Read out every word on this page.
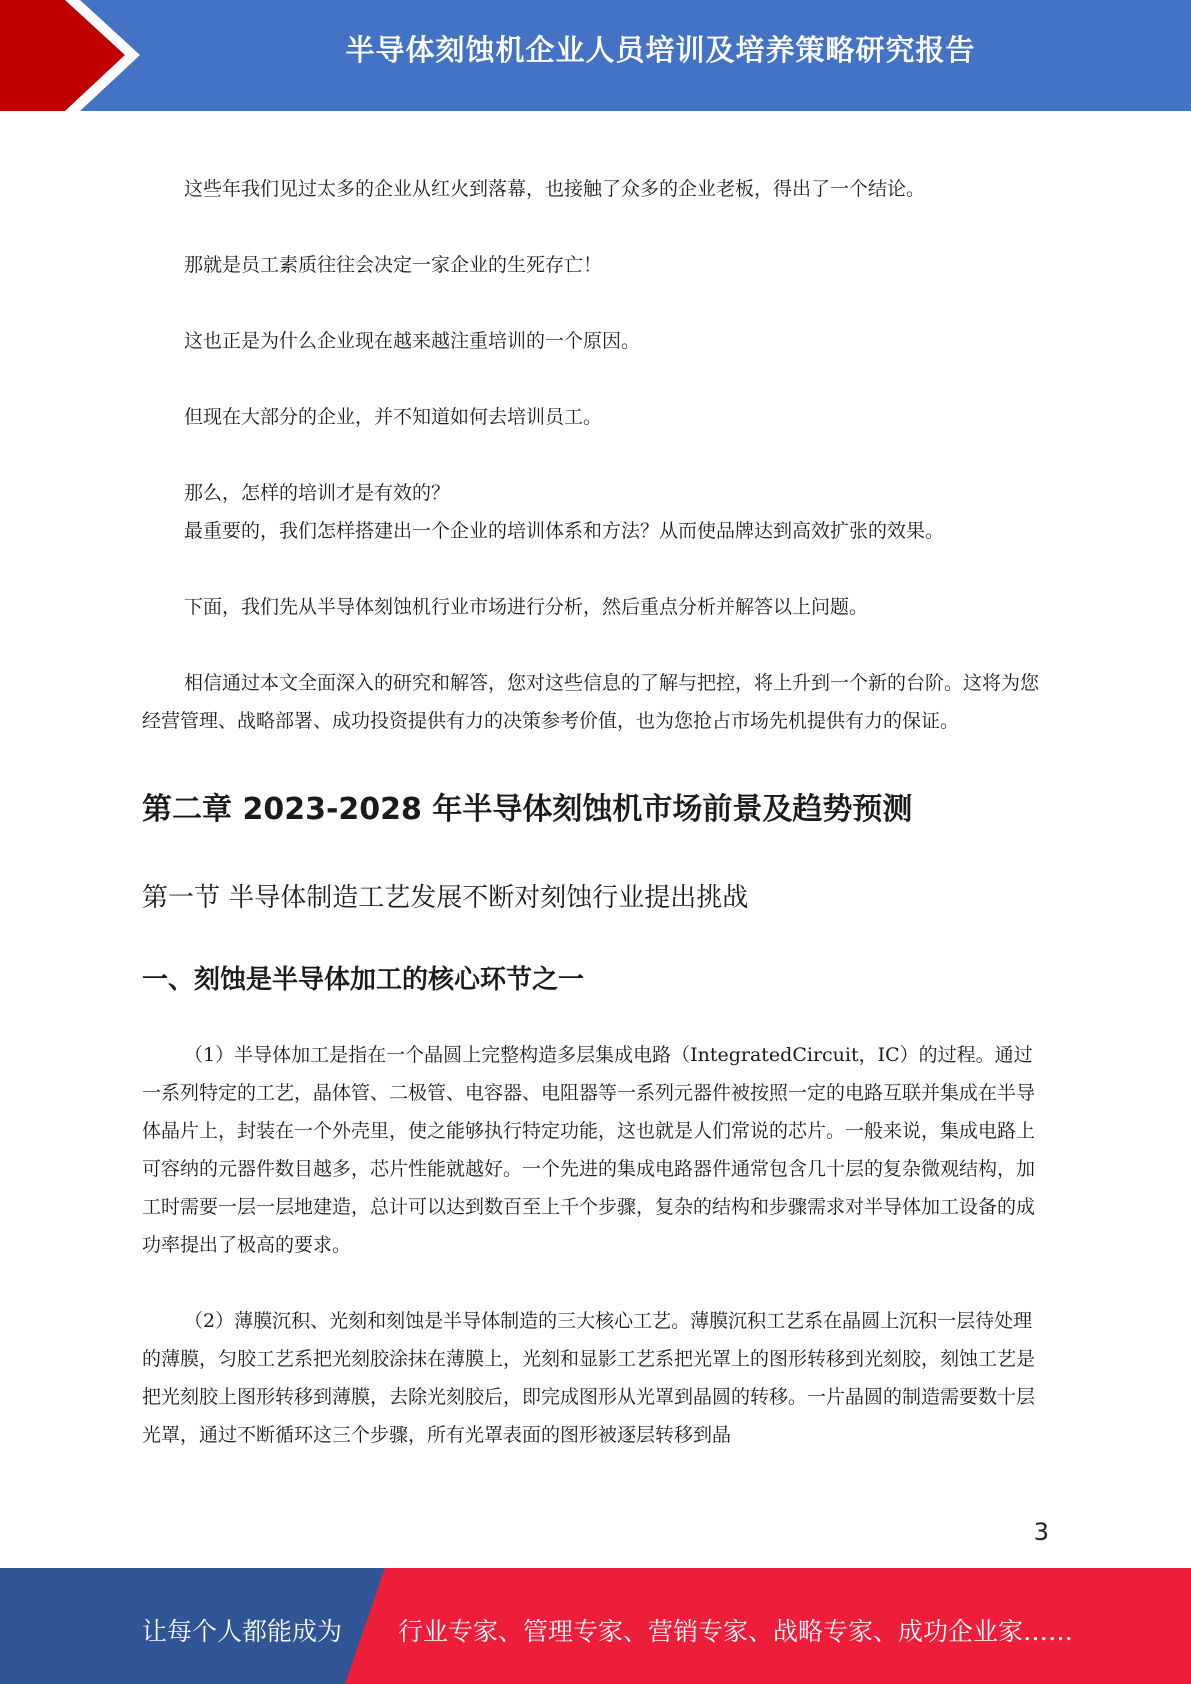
半导体刻蚀机企业人员培训及培养策略研究报告

这些年我们见过太多的企业从红火到落幕，也接触了众多的企业老板，得出了一个结论。

那就是员工素质往往会决定一家企业的生死存亡！

这也正是为什么企业现在越来越注重培训的一个原因。

但现在大部分的企业，并不知道如何去培训员工。

那么，怎样的培训才是有效的？

最重要的，我们怎样搭建出一个企业的培训体系和方法？从而使品牌达到高效扩张的效果。

下面，我们先从半导体刻蚀机行业市场进行分析，然后重点分析并解答以上问题。

相信通过本文全面深入的研究和解答，您对这些信息的了解与把控，将上升到一个新的台阶。这将为您经营管理、战略部署、成功投资提供有力的决策参考价值，也为您抢占市场先机提供有力的保证。

第二章 2023-2028 年半导体刻蚀机市场前景及趋势预测
第一节 半导体制造工艺发展不断对刻蚀行业提出挑战
一、刻蚀是半导体加工的核心环节之一

（1）半导体加工是指在一个晶圆上完整构造多层集成电路（IntegratedCircuit，IC）的过程。通过一系列特定的工艺，晶体管、二极管、电容器、电阻器等一系列元器件被按照一定的电路互联并集成在半导体晶片上，封装在一个外壳里，使之能够执行特定功能，这也就是人们常说的芯片。一般来说，集成电路上可容纳的元器件数目越多，芯片性能就越好。一个先进的集成电路器件通常包含几十层的复杂微观结构，加工时需要一层一层地建造，总计可以达到数百至上千个步骤，复杂的结构和步骤需求对半导体加工设备的成功率提出了极高的要求。

（2）薄膜沉积、光刻和刻蚀是半导体制造的三大核心工艺。薄膜沉积工艺系在晶圆上沉积一层待处理的薄膜，匀胶工艺系把光刻胶涂抹在薄膜上，光刻和显影工艺系把光罩上的图形转移到光刻胶，刻蚀工艺是把光刻胶上图形转移到薄膜，去除光刻胶后，即完成图形从光罩到晶圆的转移。一片晶圆的制造需要数十层光罩，通过不断循环这三个步骤，所有光罩表面的图形被逐层转移到晶

3
让每个人都能成为 行业专家、管理专家、营销专家、战略专家、成功企业家……
